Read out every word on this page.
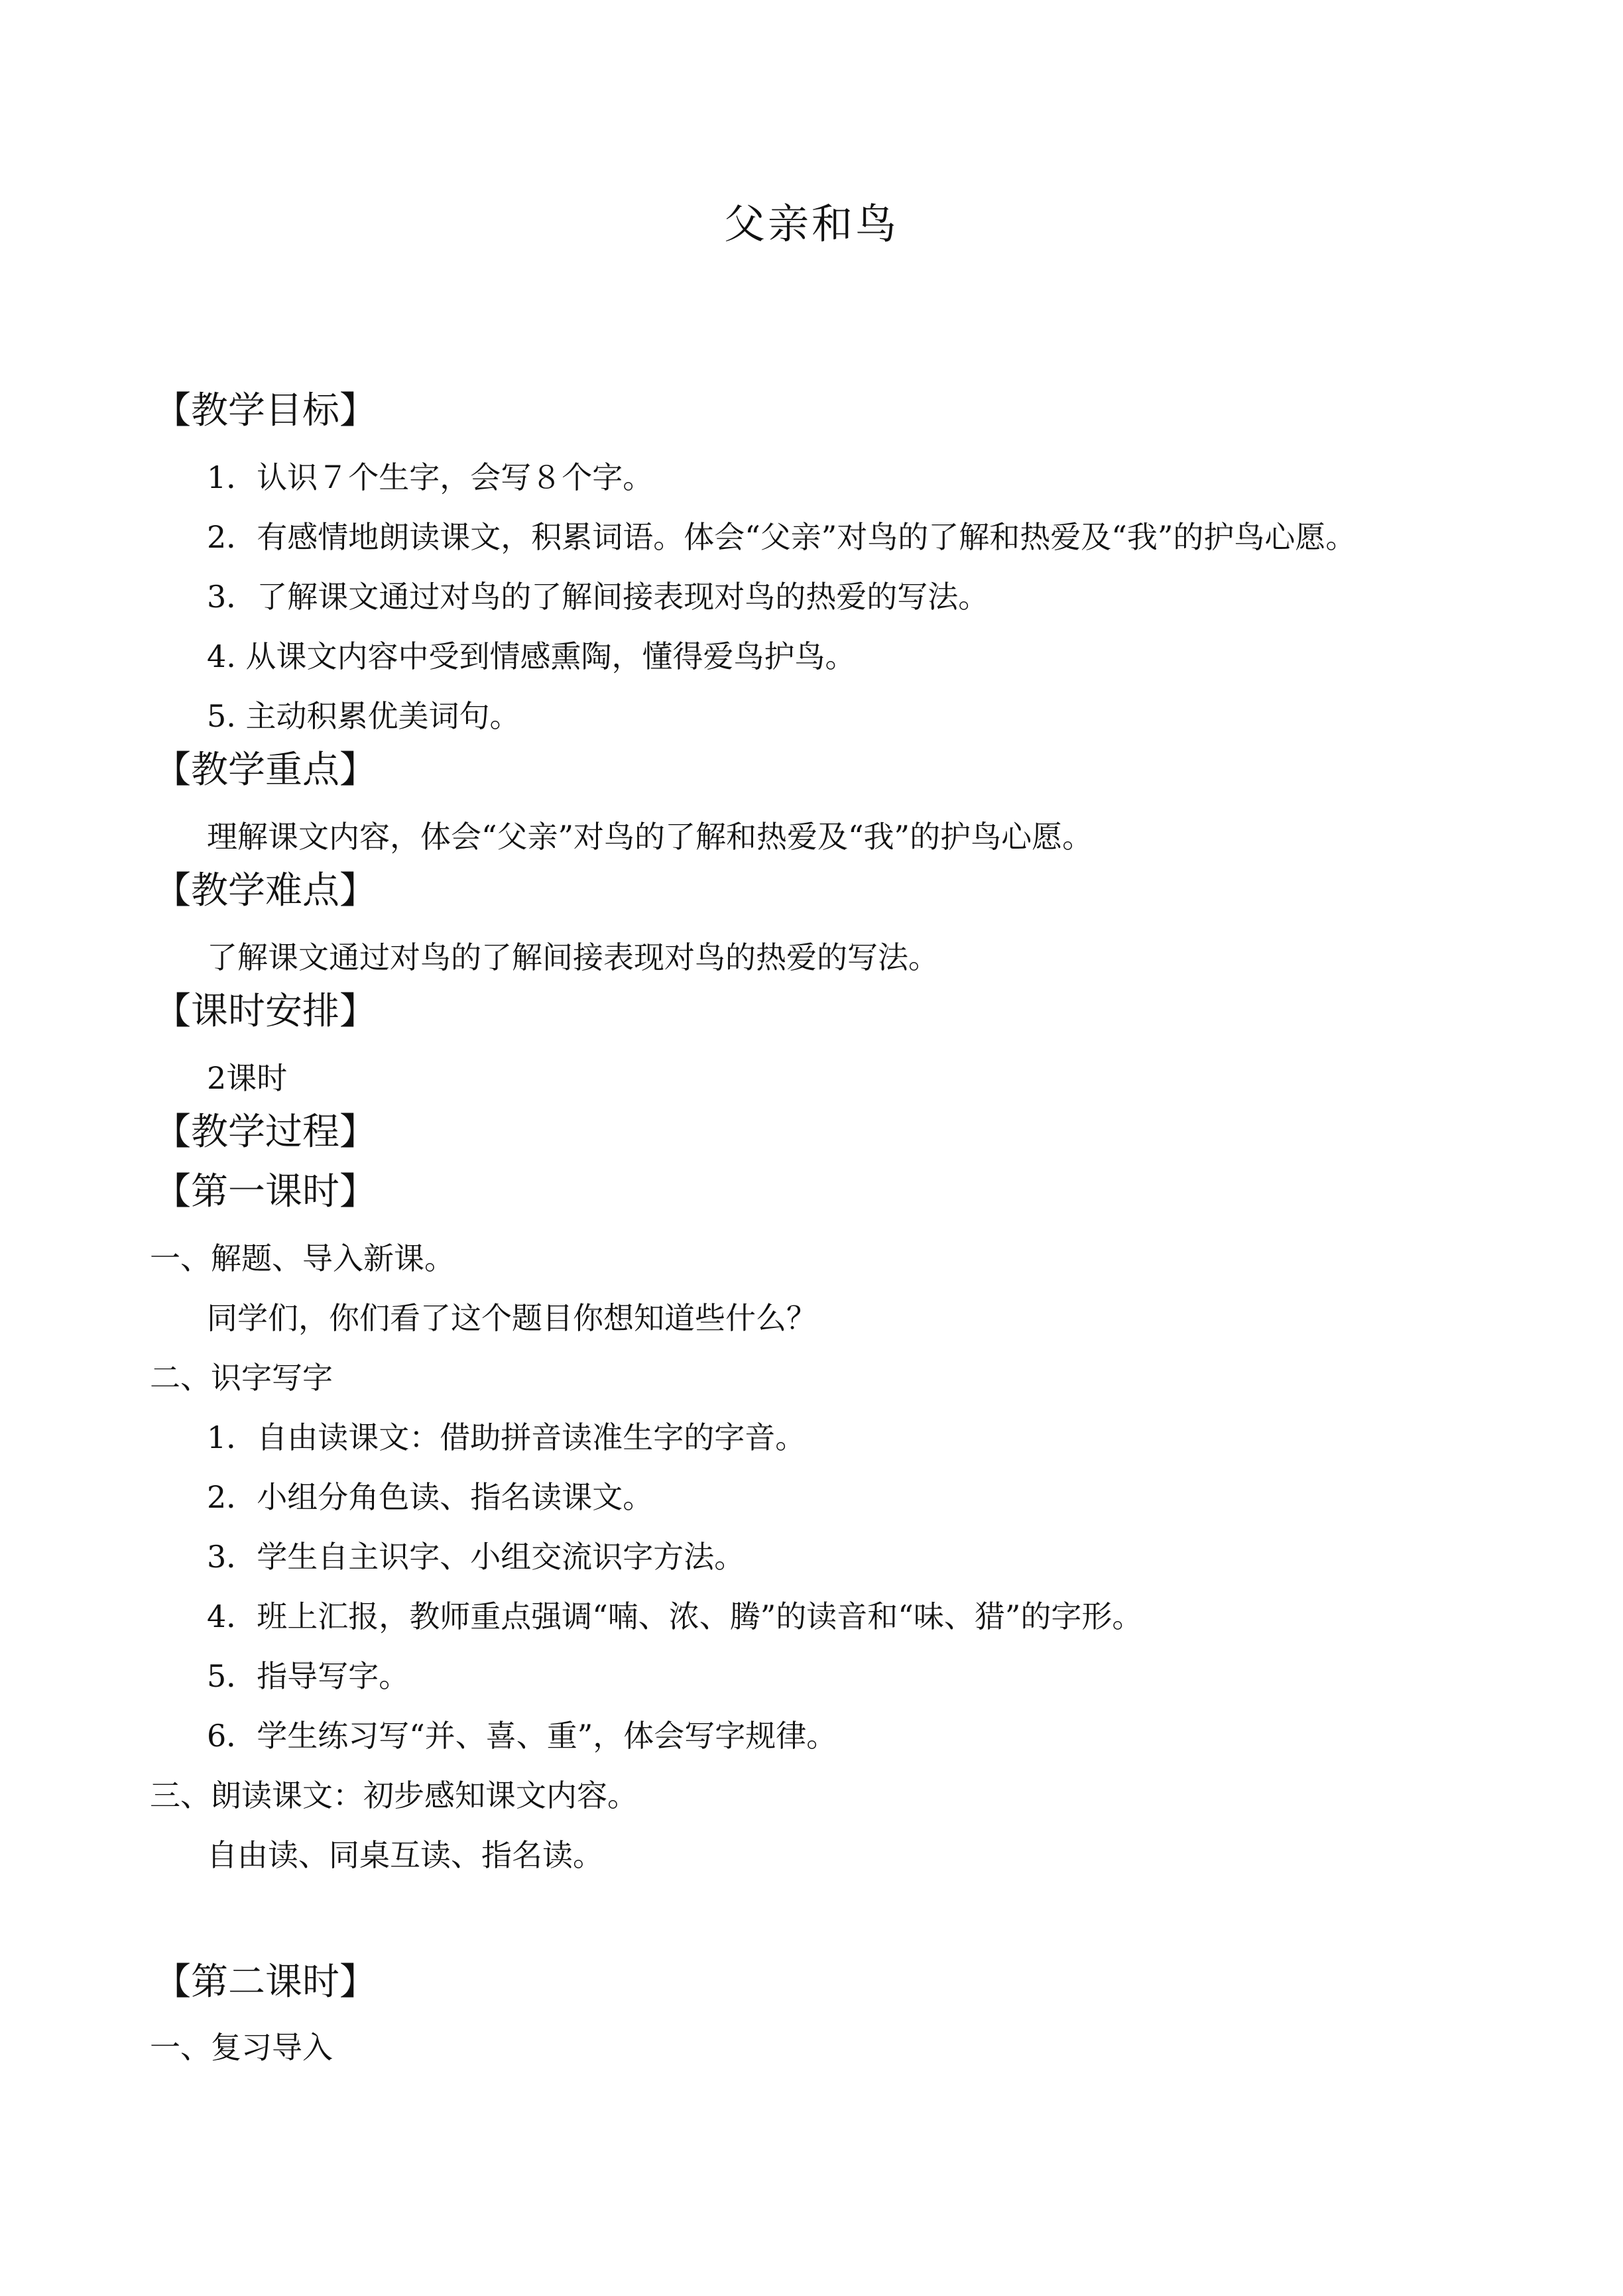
父亲和鸟
【教学目标】
1．认识７个生字，会写８个字。
2．有感情地朗读课文，积累词语。体会“父亲”对鸟的了解和热爱及“我”的护鸟心愿。
3．了解课文通过对鸟的了解间接表现对鸟的热爱的写法。
4. 从课文内容中受到情感熏陶，懂得爱鸟护鸟。
5. 主动积累优美词句。
【教学重点】
理解课文内容，体会“父亲”对鸟的了解和热爱及“我”的护鸟心愿。
【教学难点】
了解课文通过对鸟的了解间接表现对鸟的热爱的写法。
【课时安排】
2课时
【教学过程】
【第一课时】
一、解题、导入新课。
同学们，你们看了这个题目你想知道些什么？
二、识字写字
1．自由读课文：借助拼音读准生字的字音。
2．小组分角色读、指名读课文。
3．学生自主识字、小组交流识字方法。
4．班上汇报，教师重点强调“喃、浓、腾”的读音和“味、猎”的字形。
5．指导写字。
6．学生练习写“并、喜、重”，体会写字规律。
三、朗读课文：初步感知课文内容。
自由读、同桌互读、指名读。
【第二课时】
一、复习导入
